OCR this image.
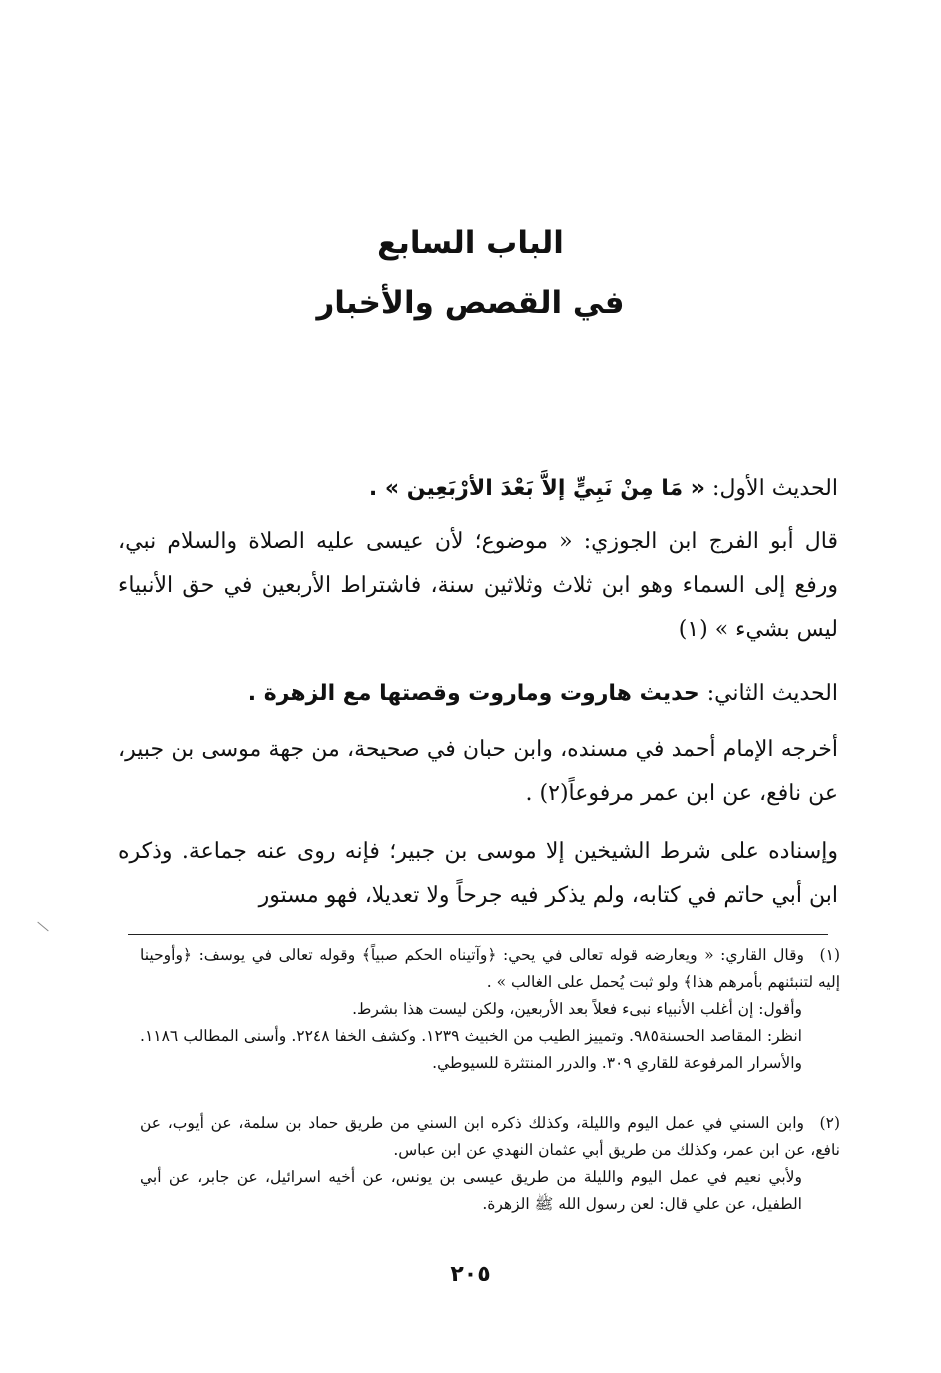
الباب السابع
في القصص والأخبار
الحديث الأول: « مَا مِنْ نَبِيٍّ إلاَّ بَعْدَ الأرْبَعِين » .
قال أبو الفرج ابن الجوزي: « موضوع؛ لأن عيسى عليه الصلاة والسلام نبي، ورفع إلى السماء وهو ابن ثلاث وثلاثين سنة، فاشتراط الأربعين في حق الأنبياء ليس بشيء » (١)
الحديث الثاني: حديث هاروت وماروت وقصتها مع الزهرة .
أخرجه الإمام أحمد في مسنده، وابن حبان في صحيحة، من جهة موسى بن جبير، عن نافع، عن ابن عمر مرفوعاً(٢) .
وإسناده على شرط الشيخين إلا موسى بن جبير؛ فإنه روى عنه جماعة. وذكره ابن أبي حاتم في كتابه، ولم يذكر فيه جرحاً ولا تعديلا، فهو مستور
(١)وقال القاري: « ويعارضه قوله تعالى في يحي: ﴿وآتيناه الحكم صبياً﴾ وقوله تعالى في يوسف: ﴿وأوحينا إليه لتنبئنهم بأمرهم هذا﴾ ولو ثبت يُحمل على الغالب » .
وأقول: إن أغلب الأنبياء نبىء فعلاً بعد الأربعين، ولكن ليست هذا بشرط.
انظر: المقاصد الحسنة٩٨٥. وتمييز الطيب من الخبيث ١٢٣٩. وكشف الخفا ٢٢٤٨. وأسنى المطالب ١١٨٦. والأسرار المرفوعة للقاري ٣٠٩. والدرر المنتثرة للسيوطي.
(٢)وابن السني في عمل اليوم والليلة، وكذلك ذكره ابن السني من طريق حماد بن سلمة، عن أيوب، عن نافع، عن ابن عمر، وكذلك من طريق أبي عثمان النهدي عن ابن عباس.
ولأبي نعيم في عمل اليوم والليلة من طريق عيسى بن يونس، عن أخيه اسرائيل، عن جابر، عن أبي الطفيل، عن علي قال: لعن رسول الله ﷺ الزهرة.
٢٠٥
